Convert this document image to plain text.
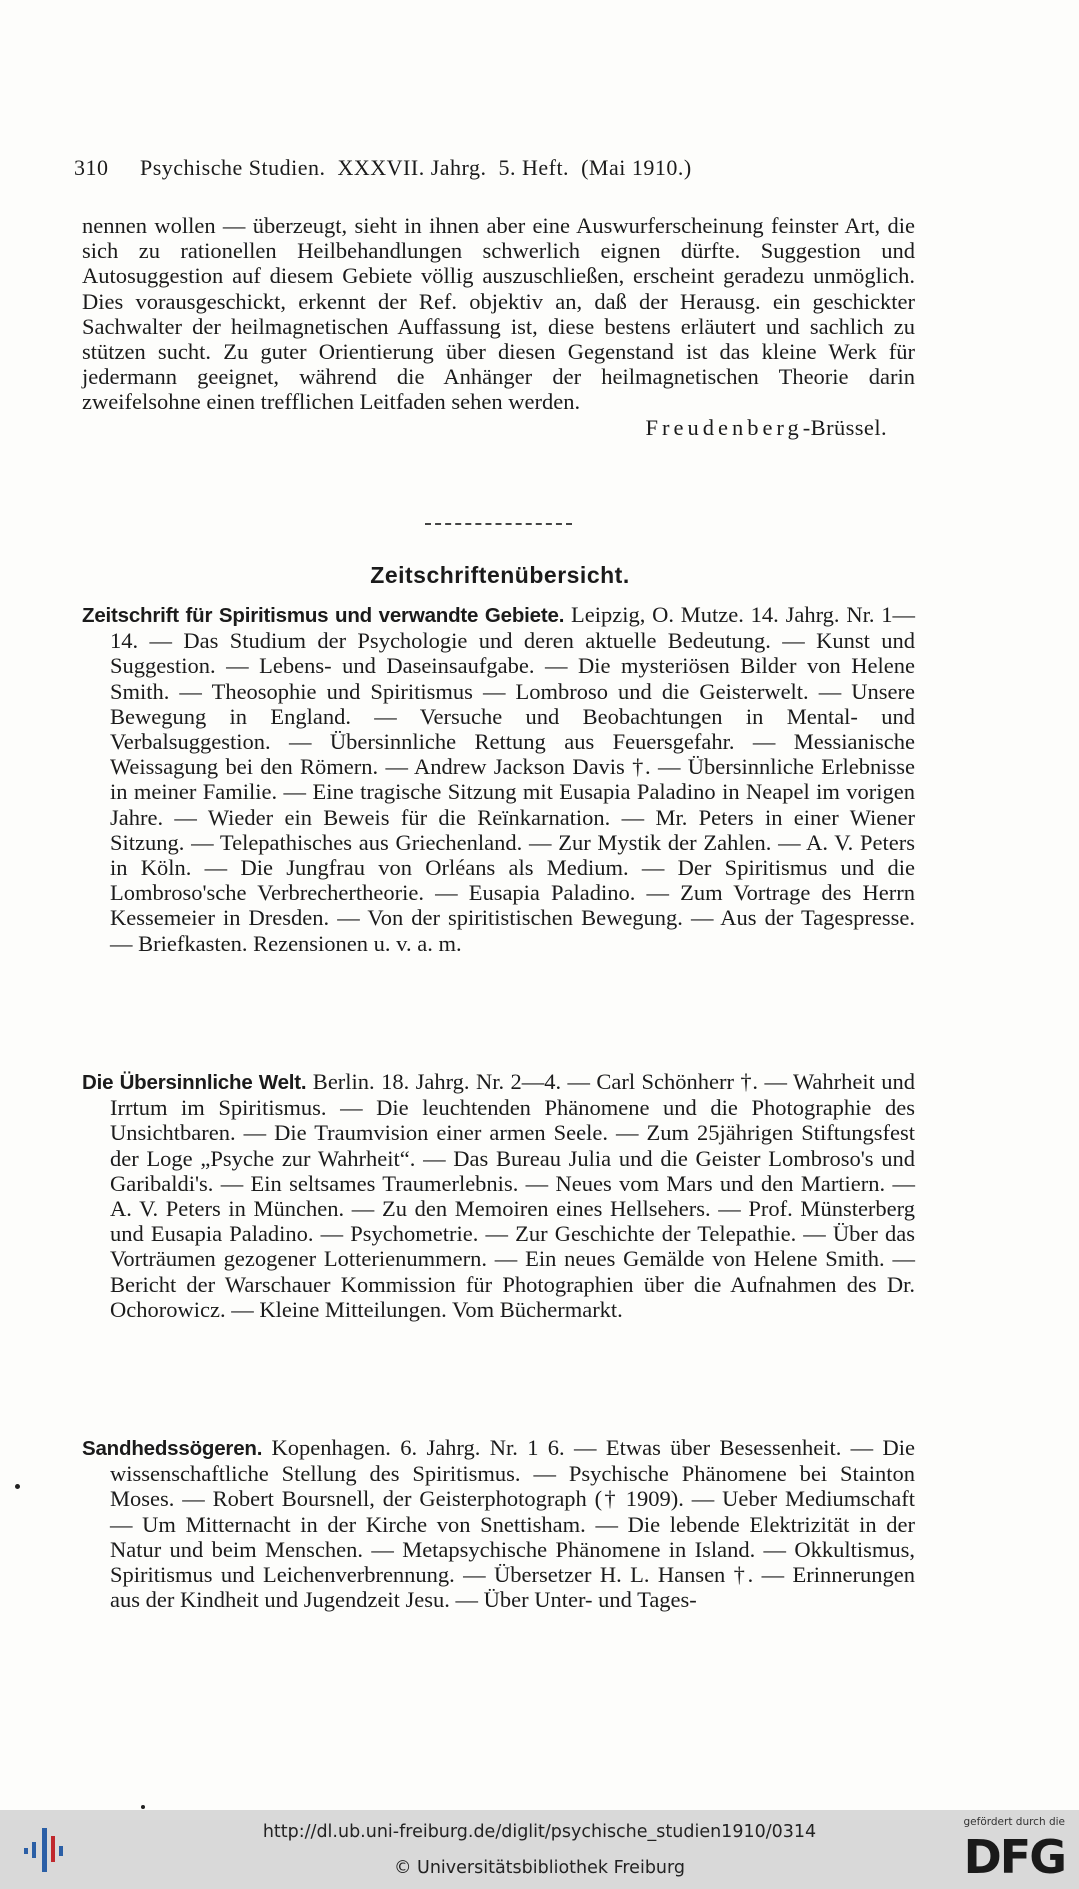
310 Psychische Studien. XXXVII. Jahrg. 5. Heft. (Mai 1910.)

nennen wollen — überzeugt, sieht in ihnen aber eine Auswurferscheinung feinster Art, die sich zu rationellen Heilbehandlungen schwerlich eignen dürfte. Suggestion und Autosuggestion auf diesem Gebiete völlig auszuschließen, erscheint geradezu unmöglich. Dies vorausgeschickt, erkennt der Ref. objektiv an, daß der Herausg. ein geschickter Sachwalter der heilmagnetischen Auffassung ist, diese bestens erläutert und sachlich zu stützen sucht. Zu guter Orientierung über diesen Gegenstand ist das kleine Werk für jedermann geeignet, während die Anhänger der heilmagnetischen Theorie darin zweifelsohne einen trefflichen Leitfaden sehen werden.

Freudenberg-Brüssel.

Zeitschriftenübersicht.

Zeitschrift für Spiritismus und verwandte Gebiete. Leipzig, O. Mutze. 14. Jahrg. Nr. 1—14. — Das Studium der Psychologie und deren aktuelle Bedeutung. — Kunst und Suggestion. — Lebens- und Daseinsaufgabe. — Die mysteriösen Bilder von Helene Smith. — Theosophie und Spiritismus — Lombroso und die Geisterwelt. — Unsere Bewegung in England. — Versuche und Beobachtungen in Mental- und Verbalsuggestion. — Übersinnliche Rettung aus Feuersgefahr. — Messianische Weissagung bei den Römern. — Andrew Jackson Davis †. — Übersinnliche Erlebnisse in meiner Familie. — Eine tragische Sitzung mit Eusapia Paladino in Neapel im vorigen Jahre. — Wieder ein Beweis für die Reïnkarnation. — Mr. Peters in einer Wiener Sitzung. — Telepathisches aus Griechenland. — Zur Mystik der Zahlen. — A. V. Peters in Köln. — Die Jungfrau von Orléans als Medium. — Der Spiritismus und die Lombroso'sche Verbrechertheorie. — Eusapia Paladino. — Zum Vortrage des Herrn Kessemeier in Dresden. — Von der spiritistischen Bewegung. — Aus der Tagespresse. — Briefkasten. Rezensionen u. v. a. m.

Die Übersinnliche Welt. Berlin. 18. Jahrg. Nr. 2—4. — Carl Schönherr †. — Wahrheit und Irrtum im Spiritismus. — Die leuchtenden Phänomene und die Photographie des Unsichtbaren. — Die Traumvision einer armen Seele. — Zum 25jährigen Stiftungsfest der Loge „Psyche zur Wahrheit“. — Das Bureau Julia und die Geister Lombroso's und Garibaldi's. — Ein seltsames Traumerlebnis. — Neues vom Mars und den Martiern. — A. V. Peters in München. — Zu den Memoiren eines Hellsehers. — Prof. Münsterberg und Eusapia Paladino. — Psychometrie. — Zur Geschichte der Telepathie. — Über das Vorträumen gezogener Lotterienummern. — Ein neues Gemälde von Helene Smith. — Bericht der Warschauer Kommission für Photographien über die Aufnahmen des Dr. Ochorowicz. — Kleine Mitteilungen. Vom Büchermarkt.

Sandhedssögeren. Kopenhagen. 6. Jahrg. Nr. 1 6. — Etwas über Besessenheit. — Die wissenschaftliche Stellung des Spiritismus. — Psychische Phänomene bei Stainton Moses. — Robert Boursnell, der Geisterphotograph († 1909). — Ueber Mediumschaft — Um Mitternacht in der Kirche von Snettisham. — Die lebende Elektrizität in der Natur und beim Menschen. — Metapsychische Phänomene in Island. — Okkultismus, Spiritismus und Leichenverbrennung. — Übersetzer H. L. Hansen †. — Erinnerungen aus der Kindheit und Jugendzeit Jesu. — Über Unter- und Tages-

http://dl.ub.uni-freiburg.de/diglit/psychische_studien1910/0314
© Universitätsbibliothek Freiburg
gefördert durch die
DFG
